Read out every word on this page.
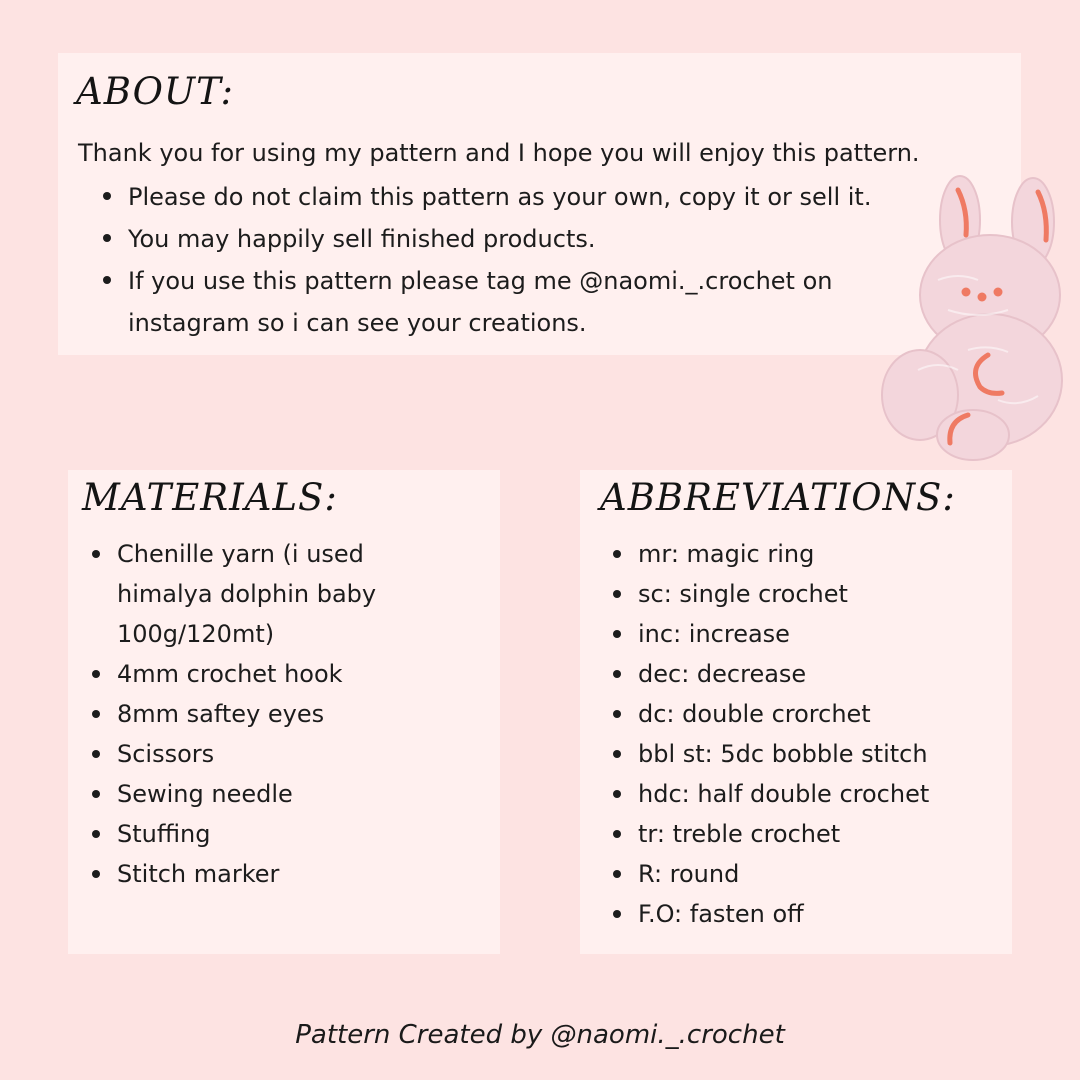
ABOUT:

Thank you for using my pattern and I hope you will enjoy this pattern.

Please do not claim this pattern as your own, copy it or sell it.
You may happily sell finished products.
If you use this pattern please tag me @naomi._.crochet on instagram so i can see your creations.
MATERIALS:
Chenille yarn (i used himalya dolphin baby 100g/120mt)
4mm crochet hook
8mm saftey eyes
Scissors
Sewing needle
Stuffing
Stitch marker
ABBREVIATIONS:
mr: magic ring
sc: single crochet
inc: increase
dec: decrease
dc: double crorchet
bbl st: 5dc bobble stitch
hdc: half double crochet
tr: treble crochet
R: round
F.O: fasten off

Pattern Created by @naomi._.crochet
